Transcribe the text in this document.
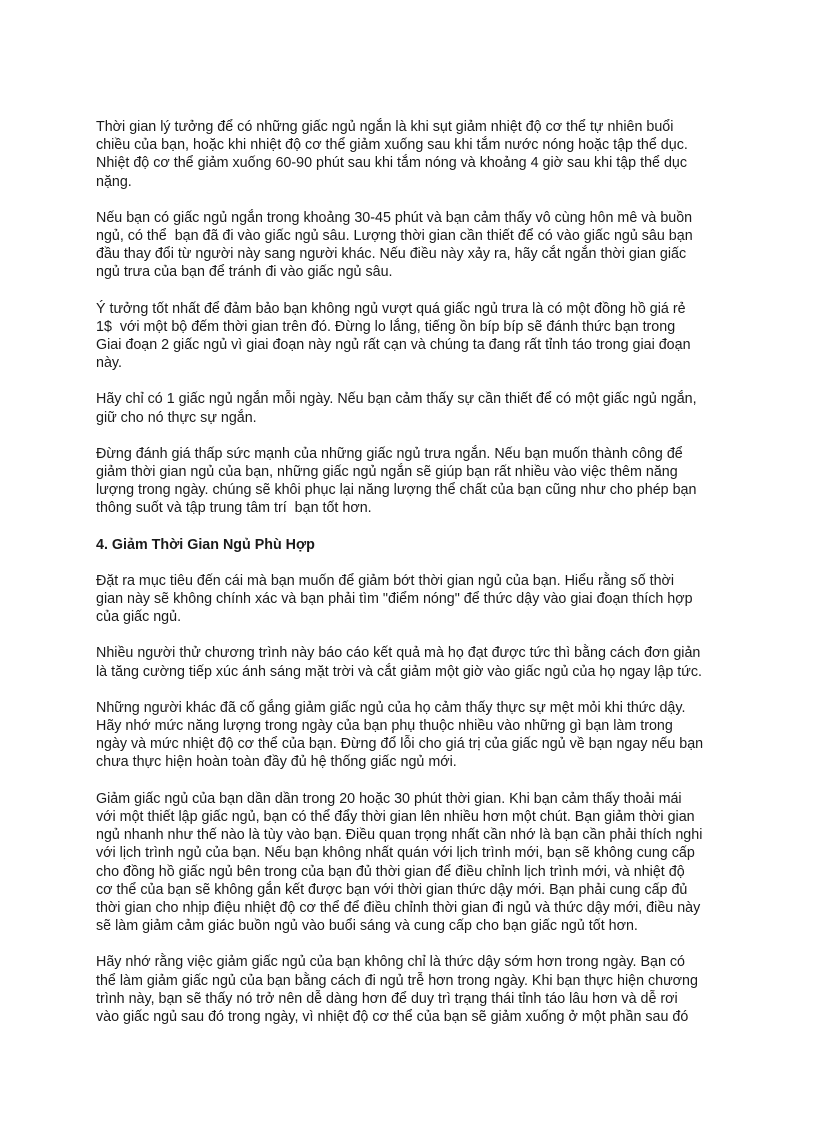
Thời gian lý tưởng để có những giấc ngủ ngắn là khi sụt giảm nhiệt độ cơ thể tự nhiên buổi
chiều của bạn, hoặc khi nhiệt độ cơ thể giảm xuống sau khi tắm nước nóng hoặc tập thể dục.
Nhiệt độ cơ thể giảm xuống 60-90 phút sau khi tắm nóng và khoảng 4 giờ sau khi tập thể dục
nặng.
Nếu bạn có giấc ngủ ngắn trong khoảng 30-45 phút và bạn cảm thấy vô cùng hôn mê và buồn
ngủ, có thể  bạn đã đi vào giấc ngủ sâu. Lượng thời gian cần thiết để có vào giấc ngủ sâu bạn
đầu thay đổi từ người này sang người khác. Nếu điều này xảy ra, hãy cắt ngắn thời gian giấc
ngủ trưa của bạn để tránh đi vào giấc ngủ sâu.
Ý tưởng tốt nhất để đảm bảo bạn không ngủ vượt quá giấc ngủ trưa là có một đồng hồ giá rẻ
1$  với một bộ đếm thời gian trên đó. Đừng lo lắng, tiếng ồn bíp bíp sẽ đánh thức bạn trong
Giai đoạn 2 giấc ngủ vì giai đoạn này ngủ rất cạn và chúng ta đang rất tỉnh táo trong giai đoạn
này.
Hãy chỉ có 1 giấc ngủ ngắn mỗi ngày. Nếu bạn cảm thấy sự cần thiết để có một giấc ngủ ngắn,
giữ cho nó thực sự ngắn.
Đừng đánh giá thấp sức mạnh của những giấc ngủ trưa ngắn. Nếu bạn muốn thành công để
giảm thời gian ngủ của bạn, những giấc ngủ ngắn sẽ giúp bạn rất nhiều vào việc thêm năng
lượng trong ngày. chúng sẽ khôi phục lại năng lượng thể chất của bạn cũng như cho phép bạn
thông suốt và tập trung tâm trí  bạn tốt hơn.
4. Giảm Thời Gian Ngủ Phù Hợp
Đặt ra mục tiêu đến cái mà bạn muốn để giảm bớt thời gian ngủ của bạn. Hiểu rằng số thời
gian này sẽ không chính xác và bạn phải tìm "điểm nóng" để thức dậy vào giai đoạn thích hợp
của giấc ngủ.
Nhiều người thử chương trình này báo cáo kết quả mà họ đạt được tức thì bằng cách đơn giản
là tăng cường tiếp xúc ánh sáng mặt trời và cắt giảm một giờ vào giấc ngủ của họ ngay lập tức.
Những người khác đã cố gắng giảm giấc ngủ của họ cảm thấy thực sự mệt mỏi khi thức dậy.
Hãy nhớ mức năng lượng trong ngày của bạn phụ thuộc nhiều vào những gì bạn làm trong
ngày và mức nhiệt độ cơ thể của bạn. Đừng đổ lỗi cho giá trị của giấc ngủ về bạn ngay nếu bạn
chưa thực hiện hoàn toàn đầy đủ hệ thống giấc ngủ mới.
Giảm giấc ngủ của bạn dần dần trong 20 hoặc 30 phút thời gian. Khi bạn cảm thấy thoải mái
với một thiết lập giấc ngủ, bạn có thể đẩy thời gian lên nhiều hơn một chút. Bạn giảm thời gian
ngủ nhanh như thế nào là tùy vào bạn. Điều quan trọng nhất cần nhớ là bạn cần phải thích nghi
với lịch trình ngủ của bạn. Nếu bạn không nhất quán với lịch trình mới, bạn sẽ không cung cấp
cho đồng hồ giấc ngủ bên trong của bạn đủ thời gian để điều chỉnh lịch trình mới, và nhiệt độ
cơ thể của bạn sẽ không gắn kết được bạn với thời gian thức dậy mới. Bạn phải cung cấp đủ
thời gian cho nhịp điệu nhiệt độ cơ thể để điều chỉnh thời gian đi ngủ và thức dậy mới, điều này
sẽ làm giảm cảm giác buồn ngủ vào buổi sáng và cung cấp cho bạn giấc ngủ tốt hơn.
Hãy nhớ rằng việc giảm giấc ngủ của bạn không chỉ là thức dậy sớm hơn trong ngày. Bạn có
thể làm giảm giấc ngủ của bạn bằng cách đi ngủ trễ hơn trong ngày. Khi bạn thực hiện chương
trình này, bạn sẽ thấy nó trở nên dễ dàng hơn để duy trì trạng thái tỉnh táo lâu hơn và dễ rơi
vào giấc ngủ sau đó trong ngày, vì nhiệt độ cơ thể của bạn sẽ giảm xuống ở một phần sau đó
